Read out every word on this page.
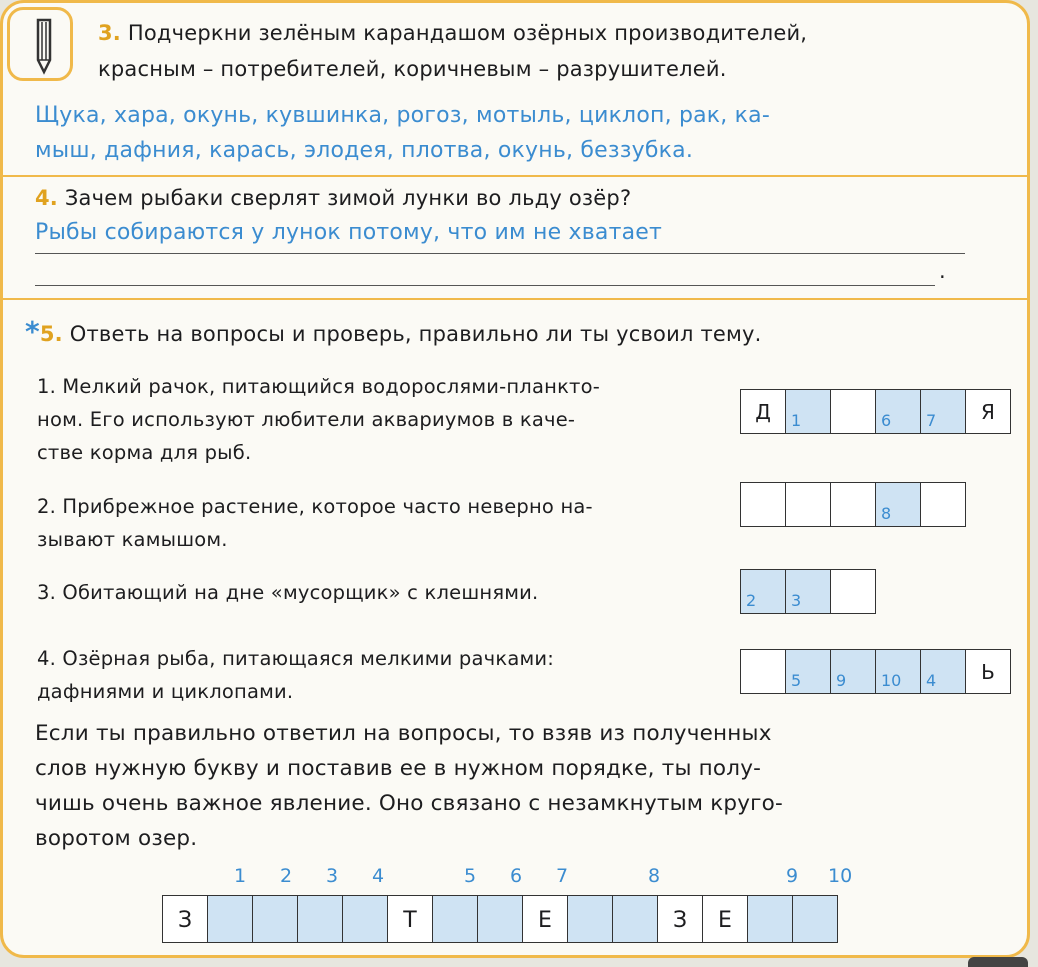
3. Подчеркни зелёным карандашом озёрных производителей,
красным – потребителей, коричневым – разрушителей.
Щука, хара, окунь, кувшинка, рогоз, мотыль, циклоп, рак, ка-
мыш, дафния, карась, элодея, плотва, окунь, беззубка.
4. Зачем рыбаки сверлят зимой лунки во льду озёр?
Рыбы собираются у лунок потому, что им не хватает
.
*5. Ответь на вопросы и проверь, правильно ли ты усвоил тему.
1. Мелкий рачок, питающийся водорослями-планкто-
ном. Его используют любители аквариумов в каче-
стве корма для рыб.
Д	1	6 7	Я
2. Прибрежное растение, которое часто неверно на-
зывают камышом.
8
3. Обитающий на дне «мусорщик» с клешнями.	2 3
4. Озёрная рыба, питающаяся мелкими рачками:
дафниями и циклопами.	5 9 10 4	Ь
Если ты правильно ответил на вопросы, то взяв из полученных
слов нужную букву и поставив ее в нужном порядке, ты полу-
чишь очень важное явление. Оно связано с незамкнутым круго-
воротом озер.
1 2 3 4	5 6 7	8	9 10
З	Т	Е	З	Е
